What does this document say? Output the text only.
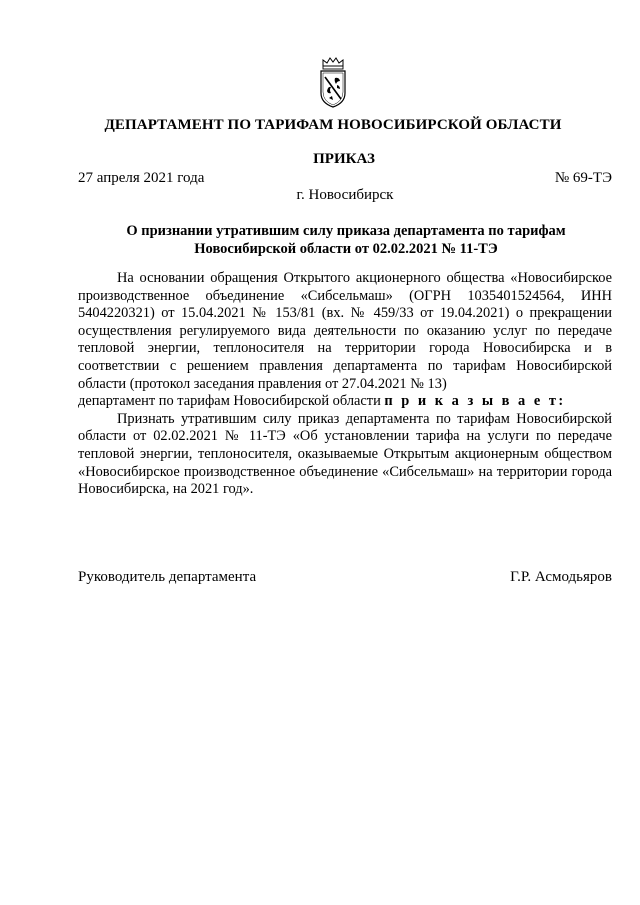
ДЕПАРТАМЕНТ ПО ТАРИФАМ НОВОСИБИРСКОЙ ОБЛАСТИ
ПРИКАЗ
27 апреля 2021 года	№ 69-ТЭ
г. Новосибирск
О признании утратившим силу приказа департамента по тарифам
Новосибирской области от 02.02.2021 № 11-ТЭ

На основании обращения Открытого акционерного общества «Новосибирское производственное объединение «Сибсельмаш» (ОГРН 1035401524564, ИНН 5404220321) от 15.04.2021 № 153/81 (вх. № 459/33 от 19.04.2021) о прекращении осуществления регулируемого вида деятельности по оказанию услуг по передаче тепловой энергии, теплоносителя на территории города Новосибирска и в соответствии с решением правления департамента по тарифам Новосибирской области (протокол заседания правления от 27.04.2021 № 13)

департамент по тарифам Новосибирской области п р и к а з ы в а е т:

Признать утратившим силу приказ департамента по тарифам Новосибирской области от 02.02.2021 № 11-ТЭ «Об установлении тарифа на услуги по передаче тепловой энергии, теплоносителя, оказываемые Открытым акционерным обществом «Новосибирское производственное объединение «Сибсельмаш» на территории города Новосибирска, на 2021 год».

Руководитель департамента	Г.Р. Асмодьяров
